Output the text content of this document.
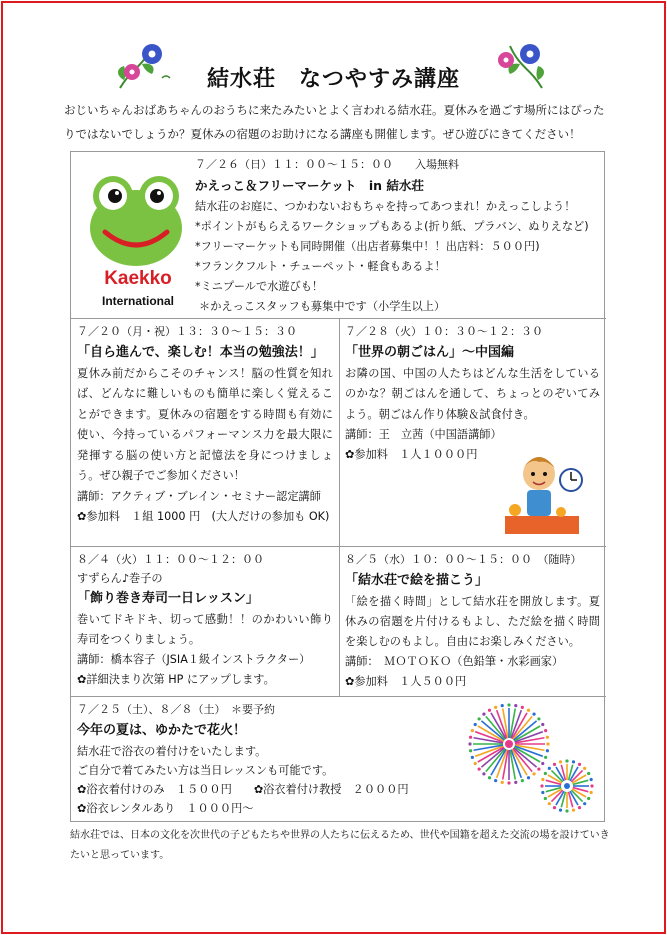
結水荘　なつやすみ講座
おじいちゃんおばあちゃんのおうちに来たみたいとよく言われる結水荘。夏休みを過ごす場所にはぴったりではないでしょうか？夏休みの宿題のお助けになる講座も開催します。ぜひ遊びにきてください！
Kaekko
International
７／２６（日）１１：００～１５：００　　入場無料
かえっこ＆フリーマーケット　in 結水荘
結水荘のお庭に、つかわないおもちゃを持ってあつまれ！かえっこしよう！
*ポイントがもらえるワークショップもあるよ(折り紙、プラバン、ぬりえなど)
*フリーマーケットも同時開催（出店者募集中！！出店料：５００円)
*フランクフルト・チューペット・軽食もあるよ！
*ミニプールで水遊びも！
＊かえっこスタッフも募集中です（小学生以上）
７／２０（月・祝）１３：３０～１５：３０
「自ら進んで、楽しむ！本当の勉強法！」
夏休み前だからこそのチャンス！脳の性質を知れば、どんなに難しいものも簡単に楽しく覚えることができます。夏休みの宿題をする時間も有効に使い、今持っているパフォーマンス力を最大限に発揮する脳の使い方と記憶法を身につけましょう。ぜひ親子でご参加ください！
講師：アクティブ・ブレイン・セミナー認定講師
✿参加料　１組 1000 円　(大人だけの参加も OK)
７／２８（火）１０：３０～１２：３０
「世界の朝ごはん」～中国編
お隣の国、中国の人たちはどんな生活をしているのかな？朝ごはんを通して、ちょっとのぞいてみよう。朝ごはん作り体験＆試食付き。
講師：王　立茜（中国語講師）
✿参加料　１人１０００円
８／４（火）１１：００～１２：００
すずらん♪巻子の
「飾り巻き寿司一日レッスン」
巻いてドキドキ、切って感動！！のかわいい飾り寿司をつくりましょう。
講師：橋本容子（JSIA１級インストラクター）
✿詳細決まり次第 HP にアップします。
８／５（水）１０：００～１５：００　（随時）
「結水荘で絵を描こう」
「絵を描く時間」として結水荘を開放します。夏休みの宿題を片付けるもよし、ただ絵を描く時間を楽しむのもよし。自由にお楽しみください。
講師：　ＭＯＴＯＫＯ（色鉛筆・水彩画家）
✿参加料　１人５００円
７／２５（土）、８／８（土）　＊要予約
今年の夏は、ゆかたで花火！
結水荘で浴衣の着付けをいたします。
ご自分で着てみたい方は当日レッスンも可能です。
✿浴衣着付けのみ　１５００円 ✿浴衣着付け教授　２０００円
✿浴衣レンタルあり　１０００円～
結水荘では、日本の文化を次世代の子どもたちや世界の人たちに伝えるため、世代や国籍を超えた交流の場を設けていきたいと思っています。
